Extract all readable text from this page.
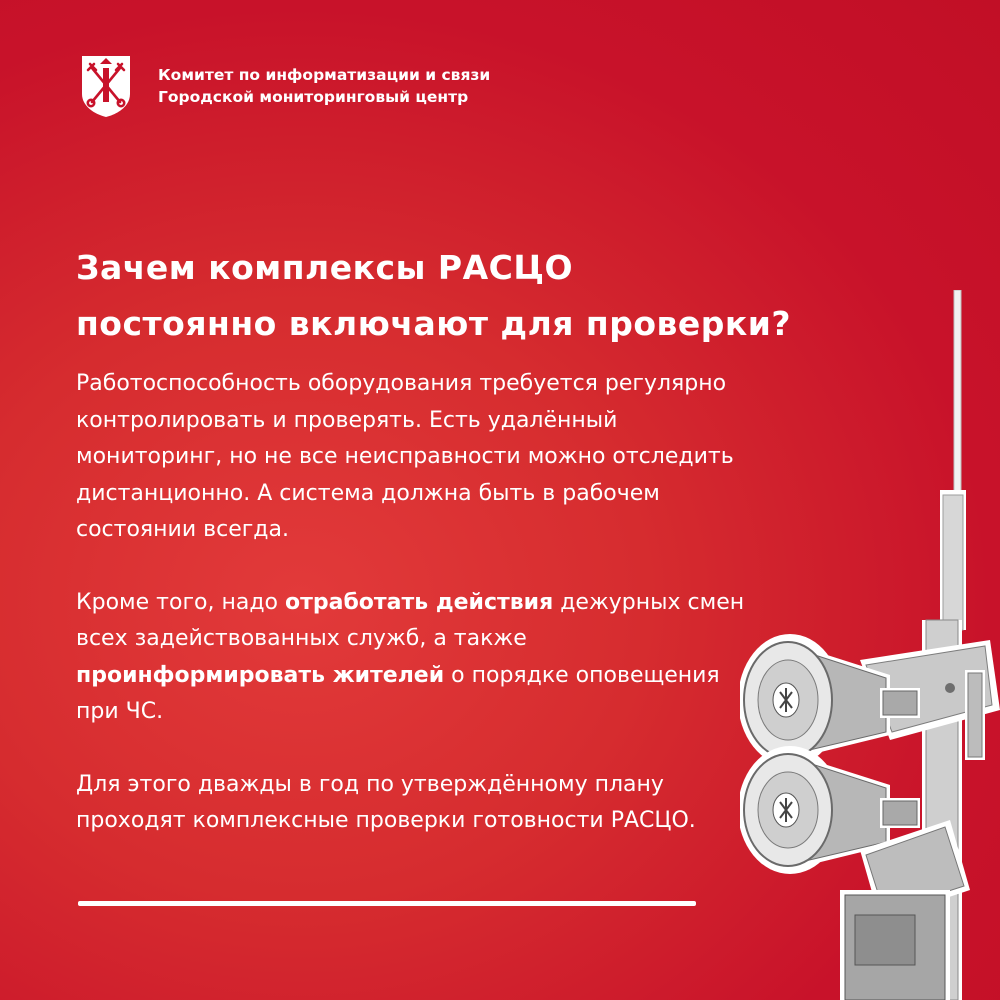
Комитет по информатизации и связи
Городской мониторинговый центр
Зачем комплексы РАСЦО
постоянно включают для проверки?

Работоспособность оборудования требуется регулярно контролировать и проверять. Есть удалённый мониторинг, но не все неисправности можно отследить дистанционно. А система должна быть в рабочем состоянии всегда.

Кроме того, надо отработать действия дежурных смен всех задействованных служб, а также проинформировать жителей о порядке оповещения при ЧС.

Для этого дважды в год по утверждённому плану проходят комплексные проверки готовности РАСЦО.
